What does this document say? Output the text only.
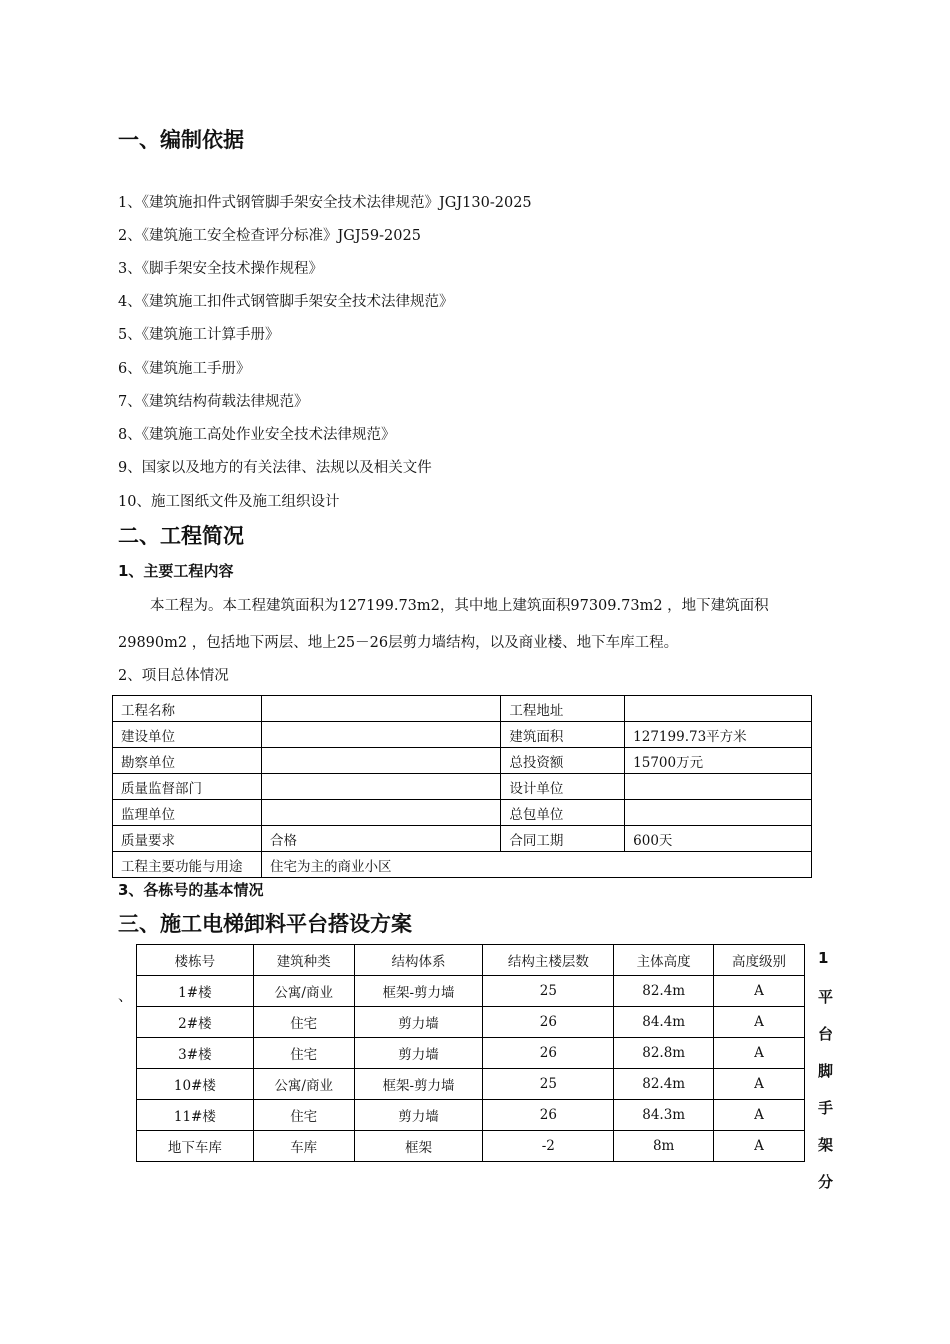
一、编制依据
1、《建筑施扣件式钢管脚手架安全技术法律规范》JGJ130-2025
2、《建筑施工安全检查评分标准》JGJ59-2025
3、《脚手架安全技术操作规程》
4、《建筑施工扣件式钢管脚手架安全技术法律规范》
5、《建筑施工计算手册》
6、《建筑施工手册》
7、《建筑结构荷载法律规范》
8、《建筑施工高处作业安全技术法律规范》
9、国家以及地方的有关法律、法规以及相关文件
10、施工图纸文件及施工组织设计
二、工程简况
1、主要工程内容
本工程为。本工程建筑面积为127199.73m2，其中地上建筑面积97309.73m2 ，地下建筑面积
29890m2 ，包括地下两层、地上25－26层剪力墙结构，以及商业楼、地下车库工程。
2、项目总体情况
工程名称		工程地址	
建设单位		建筑面积	127199.73平方米
勘察单位		总投资额	15700万元
质量监督部门		设计单位	
监理单位		总包单位	
质量要求	合格	合同工期	600天
工程主要功能与用途	住宅为主的商业小区		
3、各栋号的基本情况
三、施工电梯卸料平台搭设方案
、
楼栋号	建筑种类	结构体系	结构主楼层数	主体高度	高度级别
1#楼	公寓/商业	框架-剪力墙	25	82.4m	A
2#楼	住宅	剪力墙	26	84.4m	A
3#楼	住宅	剪力墙	26	82.8m	A
10#楼	公寓/商业	框架-剪力墙	25	82.4m	A
11#楼	住宅	剪力墙	26	84.3m	A
地下车库	车库	框架	-2	8m	A
1
平
台
脚
手
架
分
